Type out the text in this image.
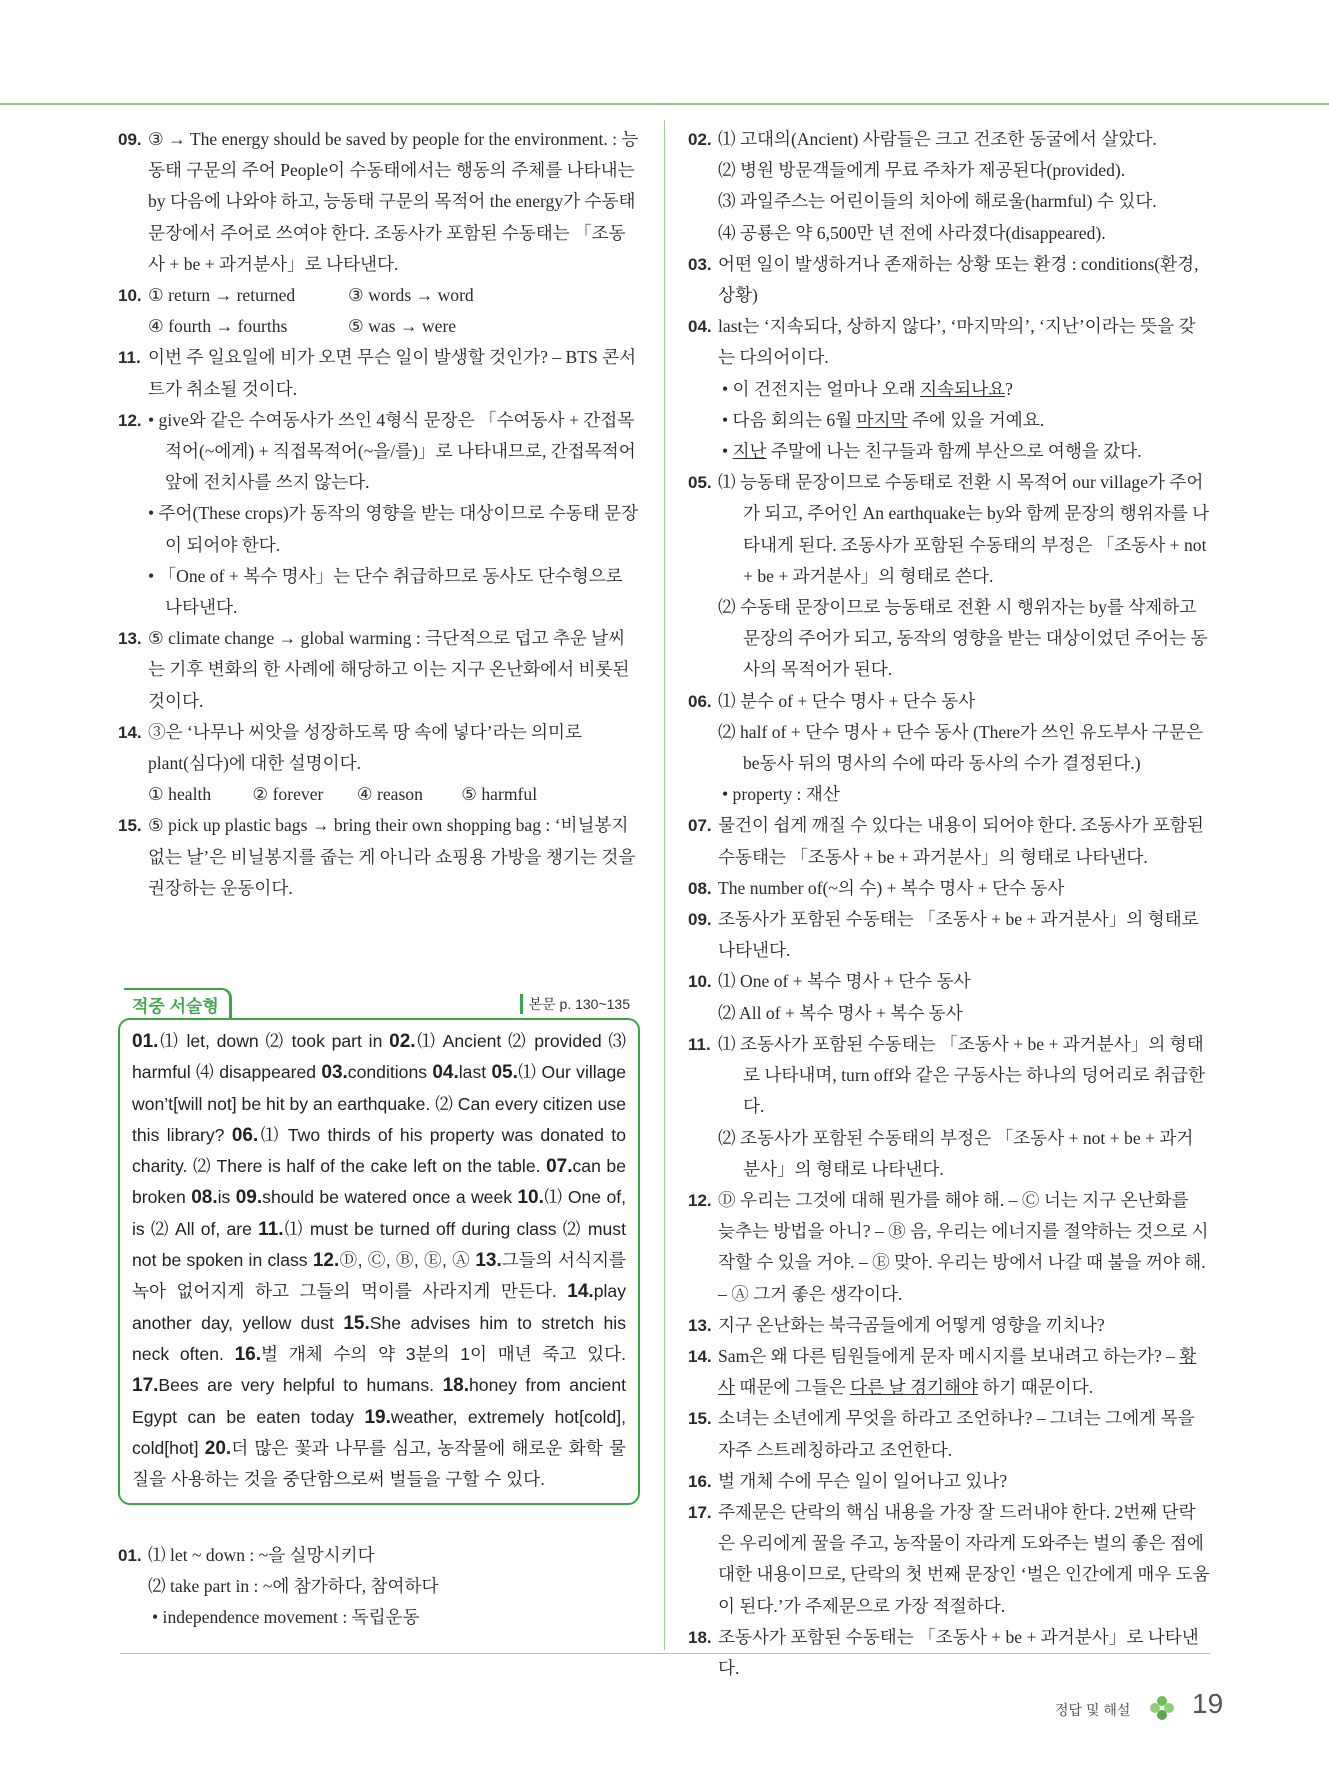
09. ③ → The energy should be saved by people for the environment. : 능동태 구문의 주어 People이 수동태에서는 행동의 주체를 나타내는 by 다음에 나와야 하고, 능동태 구문의 목적어 the energy가 수동태 문장에서 주어로 쓰여야 한다. 조동사가 포함된 수동태는 「조동사 + be + 과거분사」로 나타낸다.
10. ① return → returned	③ words → word
④ fourth → fourths	⑤ was → were
11. 이번 주 일요일에 비가 오면 무슨 일이 발생할 것인가? – BTS 콘서트가 취소될 것이다.
12. • give와 같은 수여동사가 쓰인 4형식 문장은 「수여동사 + 간접목적어(~에게) + 직접목적어(~을/를)」로 나타내므로, 간접목적어 앞에 전치사를 쓰지 않는다.
• 주어(These crops)가 동작의 영향을 받는 대상이므로 수동태 문장이 되어야 한다.
• 「One of + 복수 명사」는 단수 취급하므로 동사도 단수형으로 나타낸다.
13. ⑤ climate change → global warming : 극단적으로 덥고 추운 날씨는 기후 변화의 한 사례에 해당하고 이는 지구 온난화에서 비롯된 것이다.
14. ③은 ‘나무나 씨앗을 성장하도록 땅 속에 넣다’라는 의미로 plant(심다)에 대한 설명이다.
① health ② forever ④ reason ⑤ harmful
15. ⑤ pick up plastic bags → bring their own shopping bag : ‘비닐봉지 없는 날’은 비닐봉지를 줍는 게 아니라 쇼핑용 가방을 챙기는 것을 권장하는 운동이다.
적중 서술형	본문 p. 130~135
01.⑴ let, down ⑵ took part in 02.⑴ Ancient ⑵ provided ⑶ harmful ⑷ disappeared 03.conditions 04.last 05.⑴ Our village won’t[will not] be hit by an earthquake. ⑵ Can every citizen use this library? 06.⑴ Two thirds of his property was donated to charity. ⑵ There is half of the cake left on the table. 07.can be broken 08.is 09.should be watered once a week 10.⑴ One of, is ⑵ All of, are 11.⑴ must be turned off during class ⑵ must not be spoken in class 12.Ⓓ, Ⓒ, Ⓑ, Ⓔ, Ⓐ 13.그들의 서식지를 녹아 없어지게 하고 그들의 먹이를 사라지게 만든다. 14.play another day, yellow dust 15.She advises him to stretch his neck often. 16.벌 개체 수의 약 3분의 1이 매년 죽고 있다. 17.Bees are very helpful to humans. 18.honey from ancient Egypt can be eaten today 19.weather, extremely hot[cold], cold[hot] 20.더 많은 꽃과 나무를 심고, 농작물에 해로운 화학 물질을 사용하는 것을 중단함으로써 벌들을 구할 수 있다.
01. ⑴ let ~ down : ~을 실망시키다
⑵ take part in : ~에 참가하다, 참여하다
• independence movement : 독립운동
02. ⑴ 고대의(Ancient) 사람들은 크고 건조한 동굴에서 살았다.
⑵ 병원 방문객들에게 무료 주차가 제공된다(provided).
⑶ 과일주스는 어린이들의 치아에 해로울(harmful) 수 있다.
⑷ 공룡은 약 6,500만 년 전에 사라졌다(disappeared).
03. 어떤 일이 발생하거나 존재하는 상황 또는 환경 : conditions(환경, 상황)
04. last는 ‘지속되다, 상하지 않다’, ‘마지막의’, ‘지난’이라는 뜻을 갖는 다의어이다.
• 이 건전지는 얼마나 오래 지속되나요?
• 다음 회의는 6월 마지막 주에 있을 거예요.
• 지난 주말에 나는 친구들과 함께 부산으로 여행을 갔다.
05. ⑴ 능동태 문장이므로 수동태로 전환 시 목적어 our village가 주어가 되고, 주어인 An earthquake는 by와 함께 문장의 행위자를 나타내게 된다. 조동사가 포함된 수동태의 부정은 「조동사 + not + be + 과거분사」의 형태로 쓴다.
⑵ 수동태 문장이므로 능동태로 전환 시 행위자는 by를 삭제하고 문장의 주어가 되고, 동작의 영향을 받는 대상이었던 주어는 동사의 목적어가 된다.
06. ⑴ 분수 of + 단수 명사 + 단수 동사
⑵ half of + 단수 명사 + 단수 동사 (There가 쓰인 유도부사 구문은 be동사 뒤의 명사의 수에 따라 동사의 수가 결정된다.)
• property : 재산
07. 물건이 쉽게 깨질 수 있다는 내용이 되어야 한다. 조동사가 포함된 수동태는 「조동사 + be + 과거분사」의 형태로 나타낸다.
08. The number of(~의 수) + 복수 명사 + 단수 동사
09. 조동사가 포함된 수동태는 「조동사 + be + 과거분사」의 형태로 나타낸다.
10. ⑴ One of + 복수 명사 + 단수 동사
⑵ All of + 복수 명사 + 복수 동사
11. ⑴ 조동사가 포함된 수동태는 「조동사 + be + 과거분사」의 형태로 나타내며, turn off와 같은 구동사는 하나의 덩어리로 취급한다.
⑵ 조동사가 포함된 수동태의 부정은 「조동사 + not + be + 과거분사」의 형태로 나타낸다.
12. Ⓓ 우리는 그것에 대해 뭔가를 해야 해. – Ⓒ 너는 지구 온난화를 늦추는 방법을 아니? – Ⓑ 음, 우리는 에너지를 절약하는 것으로 시작할 수 있을 거야. – Ⓔ 맞아. 우리는 방에서 나갈 때 불을 꺼야 해. – Ⓐ 그거 좋은 생각이다.
13. 지구 온난화는 북극곰들에게 어떻게 영향을 끼치나?
14. Sam은 왜 다른 팀원들에게 문자 메시지를 보내려고 하는가? – 황사 때문에 그들은 다른 날 경기해야 하기 때문이다.
15. 소녀는 소년에게 무엇을 하라고 조언하나? – 그녀는 그에게 목을 자주 스트레칭하라고 조언한다.
16. 벌 개체 수에 무슨 일이 일어나고 있나?
17. 주제문은 단락의 핵심 내용을 가장 잘 드러내야 한다. 2번째 단락은 우리에게 꿀을 주고, 농작물이 자라게 도와주는 벌의 좋은 점에 대한 내용이므로, 단락의 첫 번째 문장인 ‘벌은 인간에게 매우 도움이 된다.’가 주제문으로 가장 적절하다.
18. 조동사가 포함된 수동태는 「조동사 + be + 과거분사」로 나타낸다.
정답 및 해설 19
